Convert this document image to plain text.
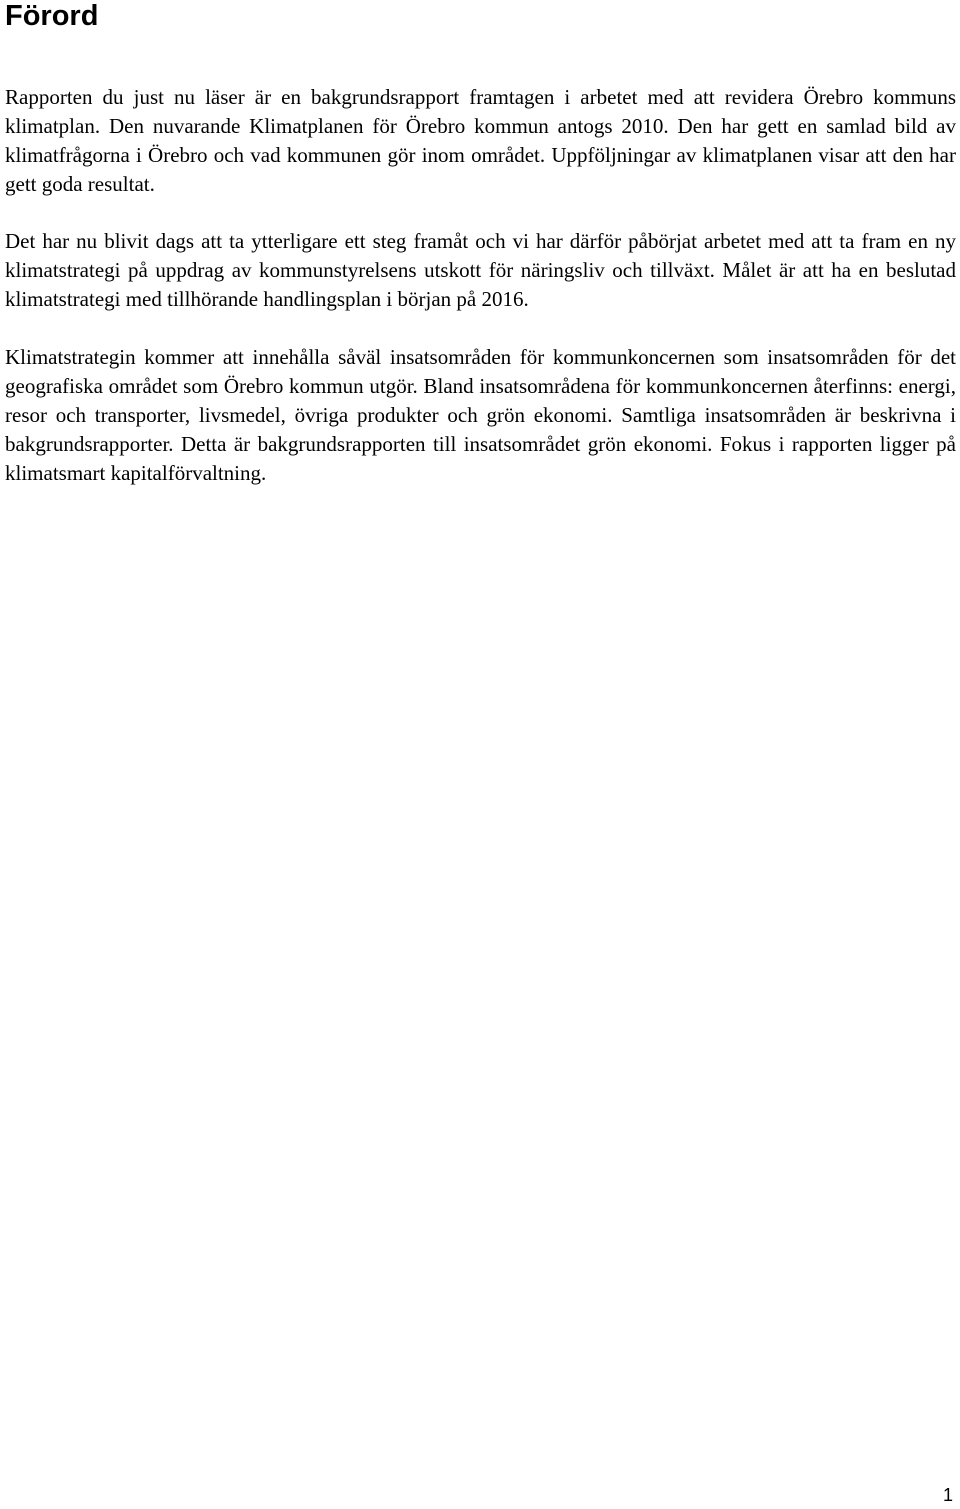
Förord

Rapporten du just nu läser är en bakgrundsrapport framtagen i arbetet med att revidera Örebro kommuns klimatplan. Den nuvarande Klimatplanen för Örebro kommun antogs 2010. Den har gett en samlad bild av klimatfrågorna i Örebro och vad kommunen gör inom området. Uppföljningar av klimatplanen visar att den har gett goda resultat.

Det har nu blivit dags att ta ytterligare ett steg framåt och vi har därför påbörjat arbetet med att ta fram en ny klimatstrategi på uppdrag av kommunstyrelsens utskott för näringsliv och tillväxt. Målet är att ha en beslutad klimatstrategi med tillhörande handlingsplan i början på 2016.

Klimatstrategin kommer att innehålla såväl insatsområden för kommunkoncernen som insatsområden för det geografiska området som Örebro kommun utgör. Bland insatsområdena för kommunkoncernen återfinns: energi, resor och transporter, livsmedel, övriga produkter och grön ekonomi. Samtliga insatsområden är beskrivna i bakgrundsrapporter. Detta är bakgrundsrapporten till insatsområdet grön ekonomi. Fokus i rapporten ligger på klimatsmart kapitalförvaltning.

1
